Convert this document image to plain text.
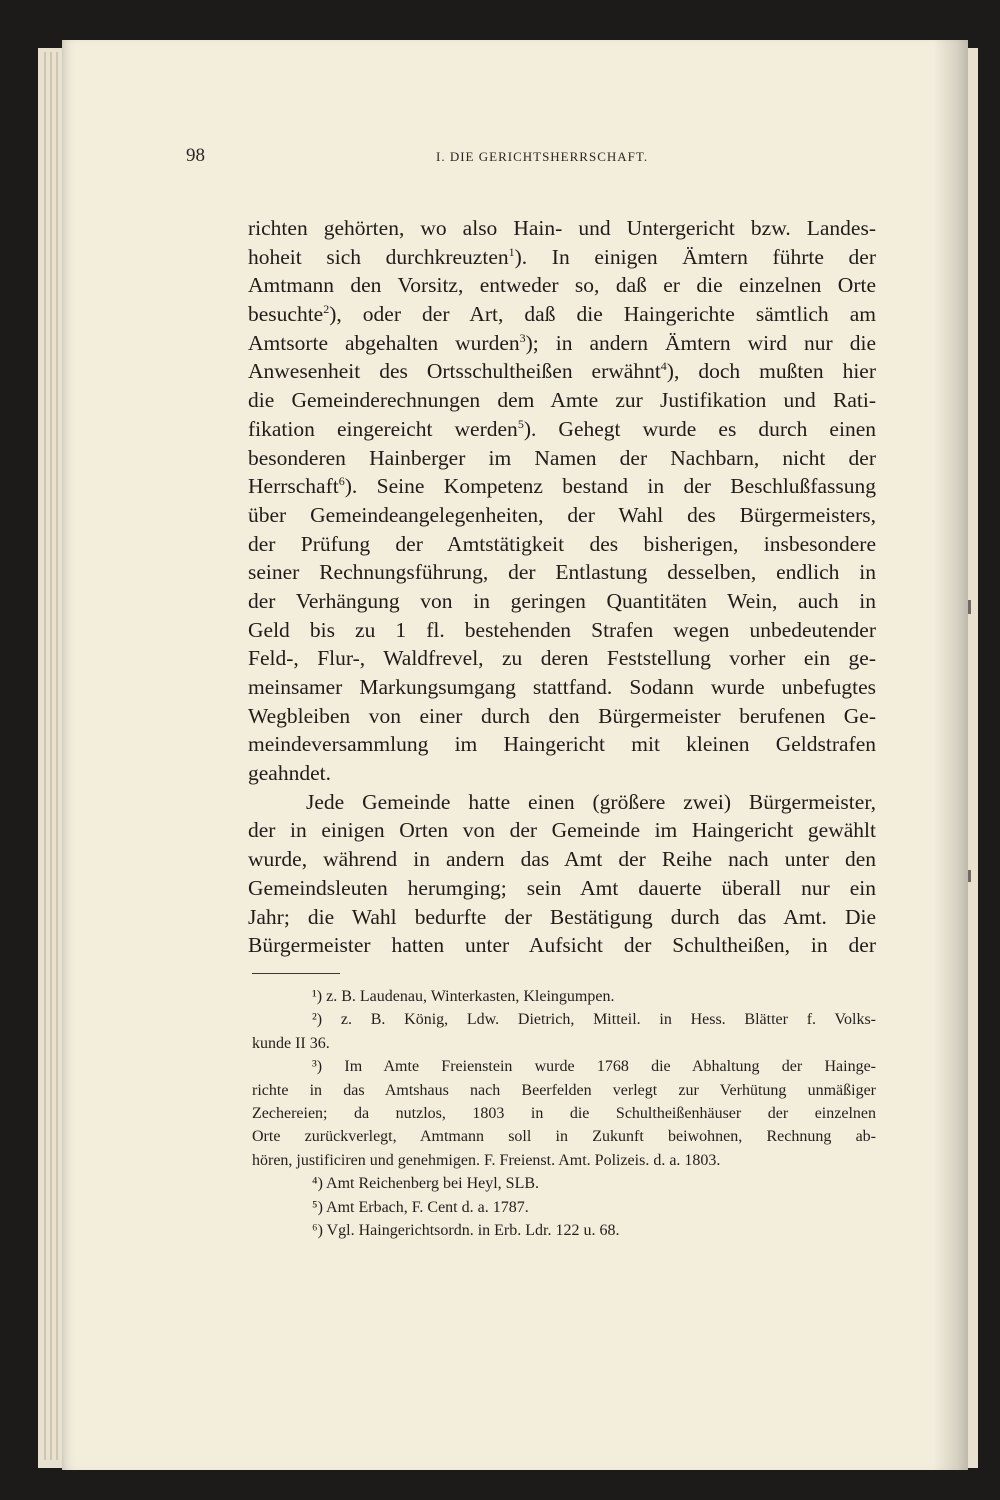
98	I. DIE GERICHTSHERRSCHAFT.
richten gehörten, wo also Hain- und Untergericht bzw. Landes-
hoheit sich durchkreuzten$^1$). In einigen Ämtern führte der
Amtmann den Vorsitz, entweder so, daß er die einzelnen Orte
besuchte$^2$), oder der Art, daß die Haingerichte sämtlich am
Amtsorte abgehalten wurden$^3$); in andern Ämtern wird nur die
Anwesenheit des Ortsschultheißen erwähnt$^4$), doch mußten hier
die Gemeinderechnungen dem Amte zur Justifikation und Rati-
fikation eingereicht werden$^5$). Gehegt wurde es durch einen
besonderen Hainberger im Namen der Nachbarn, nicht der
Herrschaft$^6$). Seine Kompetenz bestand in der Beschlußfassung
über Gemeindeangelegenheiten, der Wahl des Bürgermeisters,
der Prüfung der Amtstätigkeit des bisherigen, insbesondere
seiner Rechnungsführung, der Entlastung desselben, endlich in
der Verhängung von in geringen Quantitäten Wein, auch in
Geld bis zu 1 fl. bestehenden Strafen wegen unbedeutender
Feld-, Flur-, Waldfrevel, zu deren Feststellung vorher ein ge-
meinsamer Markungsumgang stattfand. Sodann wurde unbefugtes
Wegbleiben von einer durch den Bürgermeister berufenen Ge-
meindeversammlung im Haingericht mit kleinen Geldstrafen
geahndet.
Jede Gemeinde hatte einen (größere zwei) Bürgermeister,
der in einigen Orten von der Gemeinde im Haingericht gewählt
wurde, während in andern das Amt der Reihe nach unter den
Gemeindsleuten herumging; sein Amt dauerte überall nur ein
Jahr; die Wahl bedurfte der Bestätigung durch das Amt. Die
Bürgermeister hatten unter Aufsicht der Schultheißen, in der
¹) z. B. Laudenau, Winterkasten, Kleingumpen.
²) z. B. König, Ldw. Dietrich, Mitteil. in Hess. Blätter f. Volks-
kunde II 36.
³) Im Amte Freienstein wurde 1768 die Abhaltung der Hainge-
richte in das Amtshaus nach Beerfelden verlegt zur Verhütung unmäßiger
Zechereien; da nutzlos, 1803 in die Schultheißenhäuser der einzelnen
Orte zurückverlegt, Amtmann soll in Zukunft beiwohnen, Rechnung ab-
hören, justificiren und genehmigen. F. Freienst. Amt. Polizeis. d. a. 1803.
⁴) Amt Reichenberg bei Heyl, SLB.
⁵) Amt Erbach, F. Cent d. a. 1787.
⁶) Vgl. Haingerichtsordn. in Erb. Ldr. 122 u. 68.
